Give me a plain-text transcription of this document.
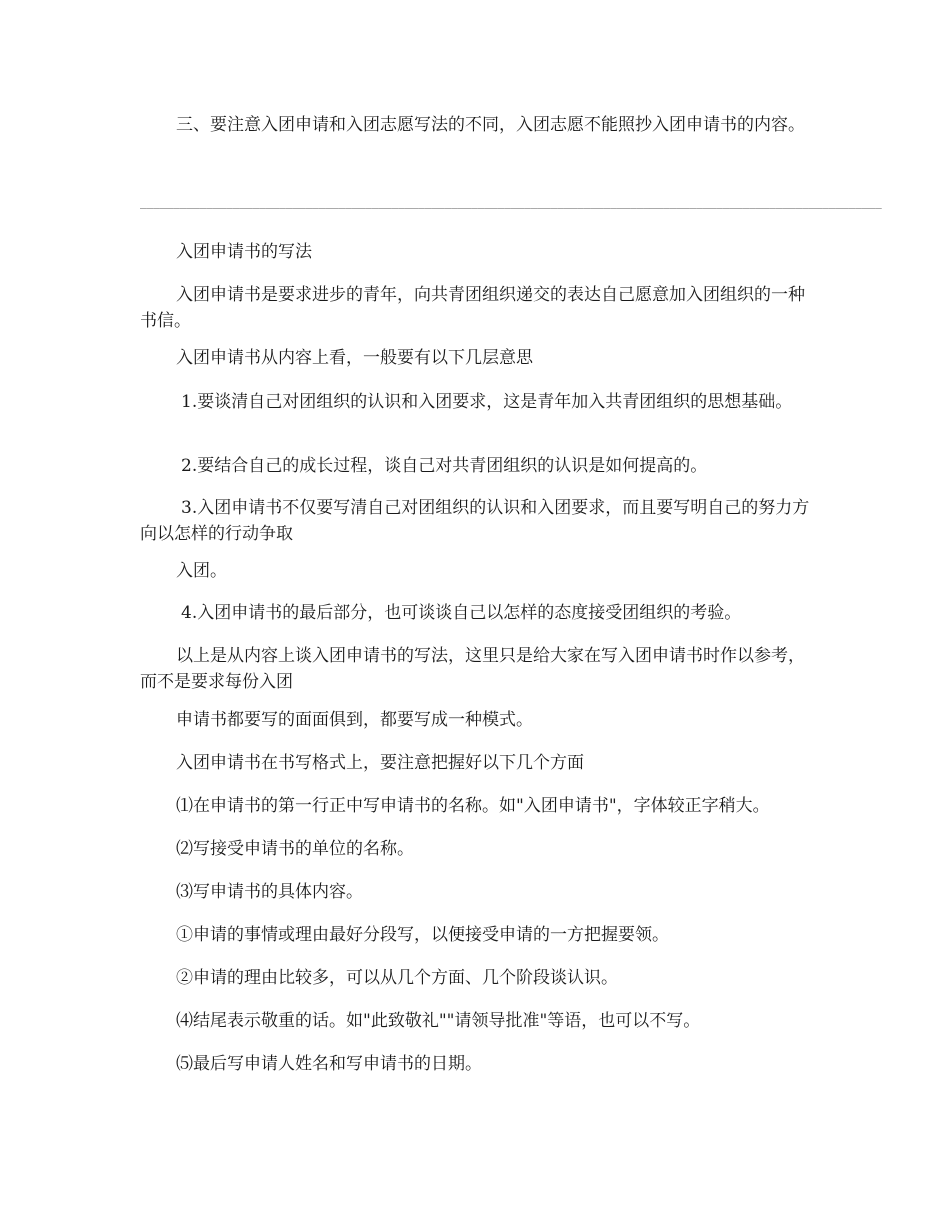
三、要注意入团申请和入团志愿写法的不同，入团志愿不能照抄入团申请书的内容。

________________________________________________________________________________________________________________

入团申请书的写法

入团申请书是要求进步的青年，向共青团组织递交的表达自己愿意加入团组织的一种书信。

入团申请书从内容上看，一般要有以下几层意思

1.要谈清自己对团组织的认识和入团要求，这是青年加入共青团组织的思想基础。

2.要结合自己的成长过程，谈自己对共青团组织的认识是如何提高的。

3.入团申请书不仅要写清自己对团组织的认识和入团要求，而且要写明自己的努力方向以怎样的行动争取

入团。

4.入团申请书的最后部分，也可谈谈自己以怎样的态度接受团组织的考验。

以上是从内容上谈入团申请书的写法，这里只是给大家在写入团申请书时作以参考，而不是要求每份入团

申请书都要写的面面俱到，都要写成一种模式。

入团申请书在书写格式上，要注意把握好以下几个方面

⑴在申请书的第一行正中写申请书的名称。如"入团申请书"，字体较正字稍大。

⑵写接受申请书的单位的名称。

⑶写申请书的具体内容。

①申请的事情或理由最好分段写，以便接受申请的一方把握要领。

②申请的理由比较多，可以从几个方面、几个阶段谈认识。

⑷结尾表示敬重的话。如"此致敬礼""请领导批准"等语，也可以不写。

⑸最后写申请人姓名和写申请书的日期。
